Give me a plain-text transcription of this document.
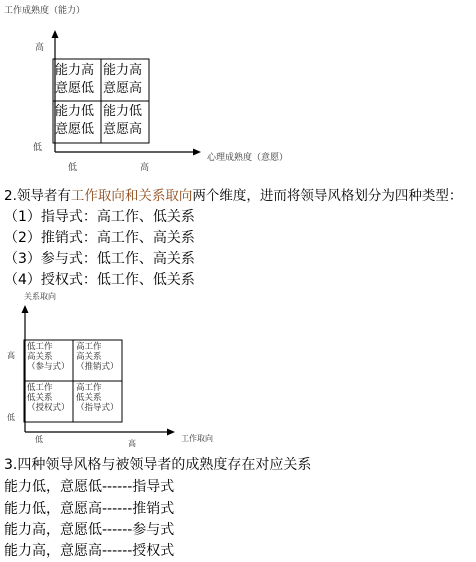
工作成熟度（能力）
高
低
低	高
心理成熟度（意愿）
能力高
意愿低
能力高
意愿高
能力低
意愿低
能力低
意愿高
2.领导者有工作取向和关系取向两个维度，进而将领导风格划分为四种类型：
（1）指导式：高工作、低关系
（2）推销式：高工作、高关系
（3）参与式：低工作、高关系
（4）授权式：低工作、低关系
关系取向
高
低
低	高
工作取向
低工作
高关系
（参与式）
高工作
高关系
（推销式）
低工作
低关系
（授权式）
高工作
低关系
（指导式）
3.四种领导风格与被领导者的成熟度存在对应关系
能力低，意愿低------指导式
能力低，意愿高------推销式
能力高，意愿低------参与式
能力高，意愿高------授权式
